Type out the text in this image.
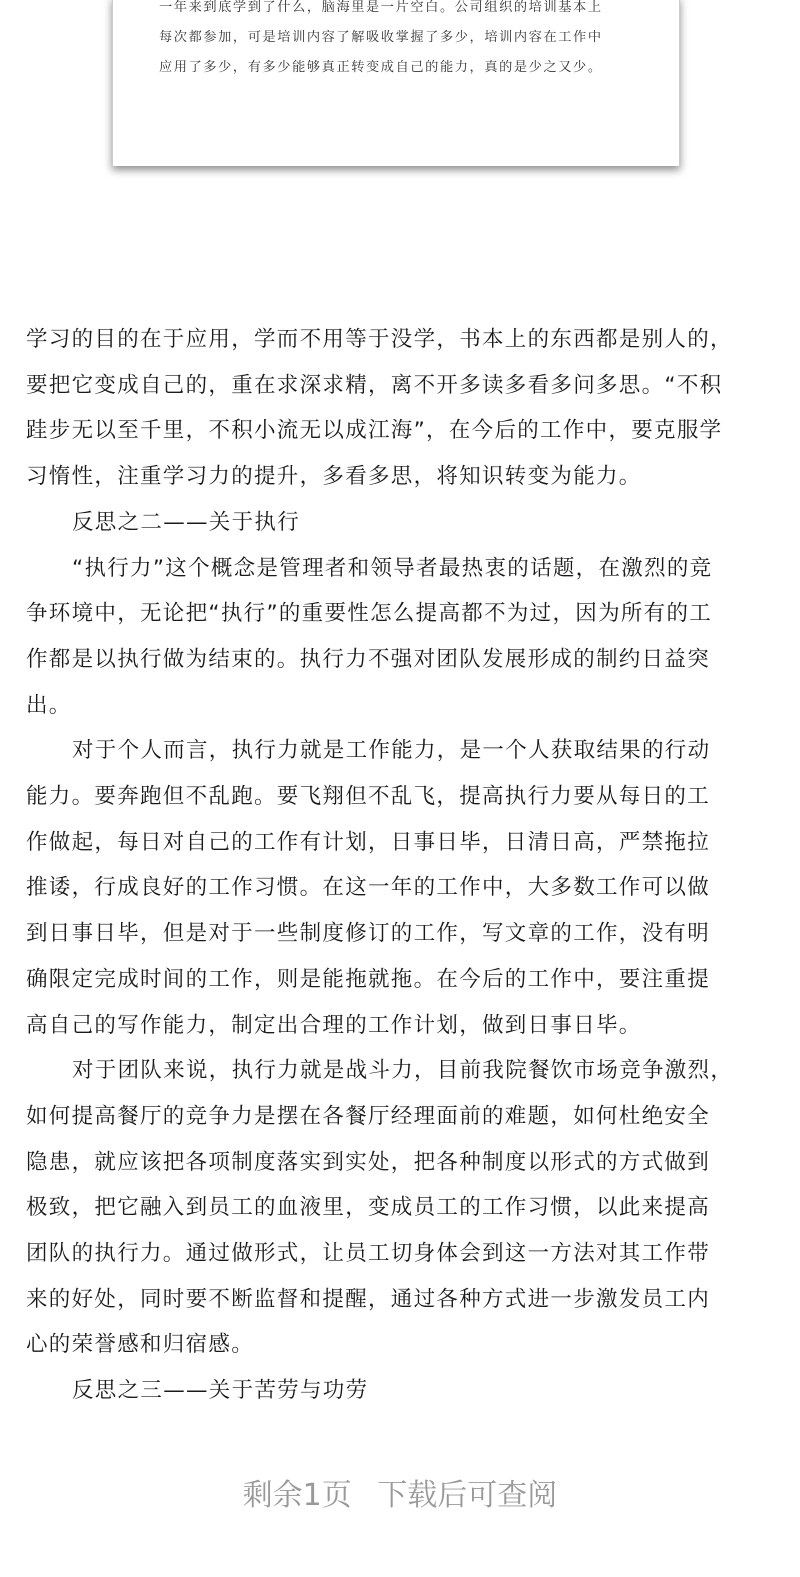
一年来到底学到了什么，脑海里是一片空白。公司组织的培训基本上
每次都参加，可是培训内容了解吸收掌握了多少，培训内容在工作中
应用了多少，有多少能够真正转变成自己的能力，真的是少之又少。
学习的目的在于应用，学而不用等于没学，书本上的东西都是别人的，
要把它变成自己的，重在求深求精，离不开多读多看多问多思。“不积
跬步无以至千里，不积小流无以成江海”，在今后的工作中，要克服学
习惰性，注重学习力的提升，多看多思，将知识转变为能力。
反思之二——关于执行
“执行力”这个概念是管理者和领导者最热衷的话题，在激烈的竞
争环境中，无论把“执行”的重要性怎么提高都不为过，因为所有的工
作都是以执行做为结束的。执行力不强对团队发展形成的制约日益突
出。
对于个人而言，执行力就是工作能力，是一个人获取结果的行动
能力。要奔跑但不乱跑。要飞翔但不乱飞，提高执行力要从每日的工
作做起，每日对自己的工作有计划，日事日毕，日清日高，严禁拖拉
推诿，行成良好的工作习惯。在这一年的工作中，大多数工作可以做
到日事日毕，但是对于一些制度修订的工作，写文章的工作，没有明
确限定完成时间的工作，则是能拖就拖。在今后的工作中，要注重提
高自己的写作能力，制定出合理的工作计划，做到日事日毕。
对于团队来说，执行力就是战斗力，目前我院餐饮市场竞争激烈，
如何提高餐厅的竞争力是摆在各餐厅经理面前的难题，如何杜绝安全
隐患，就应该把各项制度落实到实处，把各种制度以形式的方式做到
极致，把它融入到员工的血液里，变成员工的工作习惯，以此来提高
团队的执行力。通过做形式，让员工切身体会到这一方法对其工作带
来的好处，同时要不断监督和提醒，通过各种方式进一步激发员工内
心的荣誉感和归宿感。
反思之三——关于苦劳与功劳
剩余1页 下载后可查阅
